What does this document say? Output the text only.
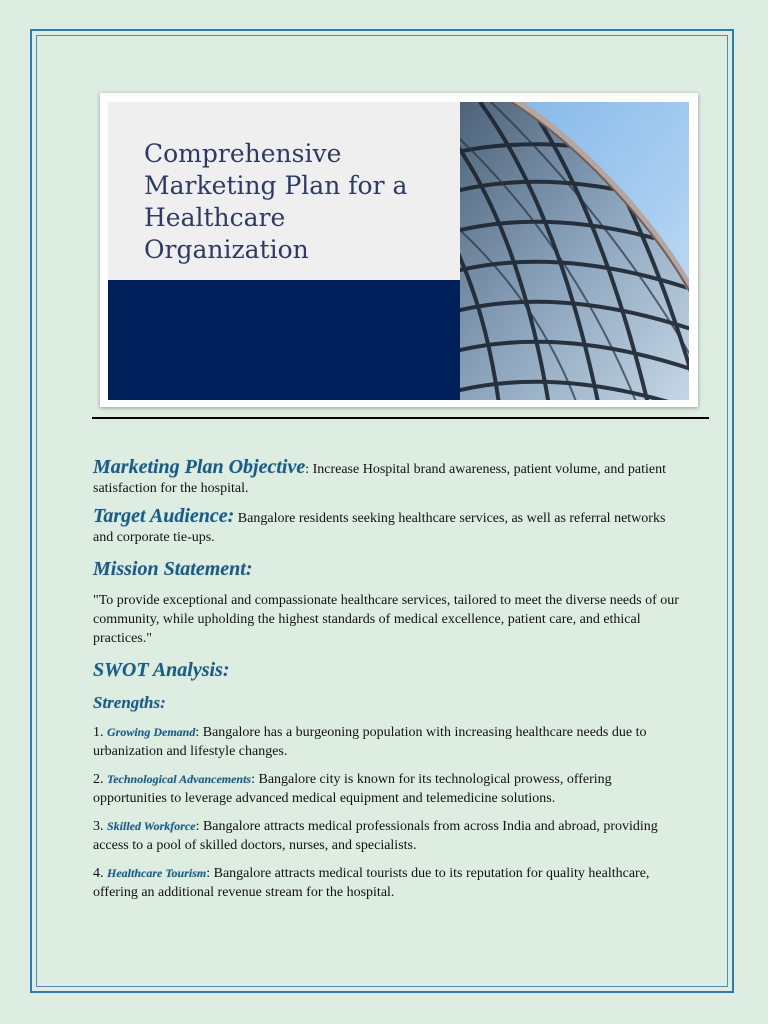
Comprehensive Marketing Plan for a Healthcare Organization

Marketing Plan Objective: Increase Hospital brand awareness, patient volume, and patient satisfaction for the hospital.

Target Audience: Bangalore residents seeking healthcare services, as well as referral networks and corporate tie-ups.

Mission Statement:

"To provide exceptional and compassionate healthcare services, tailored to meet the diverse needs of our community, while upholding the highest standards of medical excellence, patient care, and ethical practices."

SWOT Analysis:

Strengths:

1. Growing Demand: Bangalore has a burgeoning population with increasing healthcare needs due to urbanization and lifestyle changes.

2. Technological Advancements: Bangalore city is known for its technological prowess, offering opportunities to leverage advanced medical equipment and telemedicine solutions.

3. Skilled Workforce: Bangalore attracts medical professionals from across India and abroad, providing access to a pool of skilled doctors, nurses, and specialists.

4. Healthcare Tourism: Bangalore attracts medical tourists due to its reputation for quality healthcare, offering an additional revenue stream for the hospital.
